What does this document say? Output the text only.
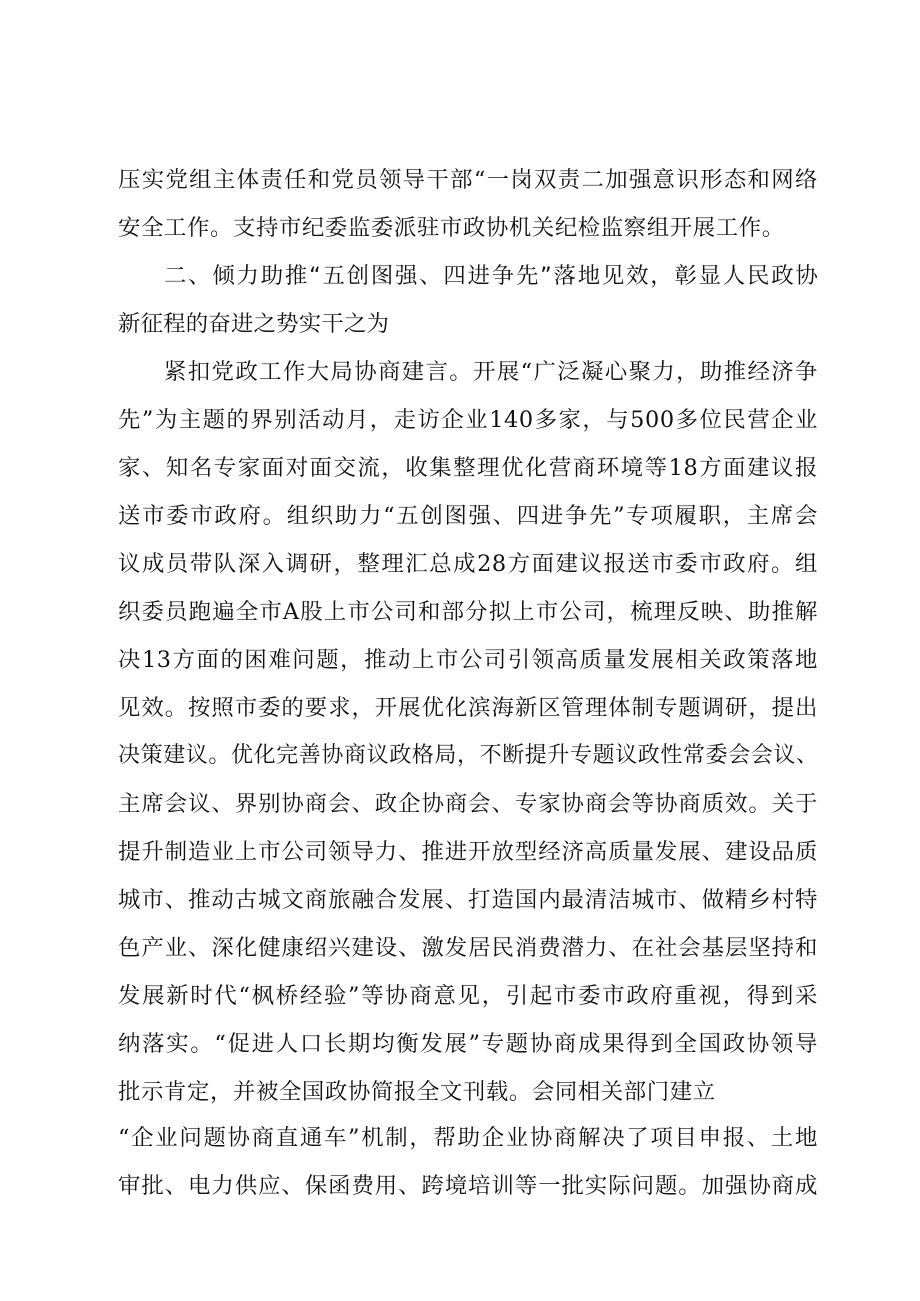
压实党组主体责任和党员领导干部“一岗双责二加强意识形态和网络
安全工作。支持市纪委监委派驻市政协机关纪检监察组开展工作。
二、倾力助推“五创图强、四进争先”落地见效，彰显人民政协
新征程的奋进之势实干之为
紧扣党政工作大局协商建言。开展“广泛凝心聚力，助推经济争
先”为主题的界别活动月，走访企业140多家，与500多位民营企业
家、知名专家面对面交流，收集整理优化营商环境等18方面建议报
送市委市政府。组织助力“五创图强、四进争先”专项履职，主席会
议成员带队深入调研，整理汇总成28方面建议报送市委市政府。组
织委员跑遍全市A股上市公司和部分拟上市公司，梳理反映、助推解
决13方面的困难问题，推动上市公司引领高质量发展相关政策落地
见效。按照市委的要求，开展优化滨海新区管理体制专题调研，提出
决策建议。优化完善协商议政格局，不断提升专题议政性常委会会议、
主席会议、界别协商会、政企协商会、专家协商会等协商质效。关于
提升制造业上市公司领导力、推进开放型经济高质量发展、建设品质
城市、推动古城文商旅融合发展、打造国内最清洁城市、做精乡村特
色产业、深化健康绍兴建设、激发居民消费潜力、在社会基层坚持和
发展新时代“枫桥经验”等协商意见，引起市委市政府重视，得到采
纳落实。“促进人口长期均衡发展”专题协商成果得到全国政协领导
批示肯定，并被全国政协简报全文刊载。会同相关部门建立
“企业问题协商直通车”机制，帮助企业协商解决了项目申报、土地
审批、电力供应、保函费用、跨境培训等一批实际问题。加强协商成
